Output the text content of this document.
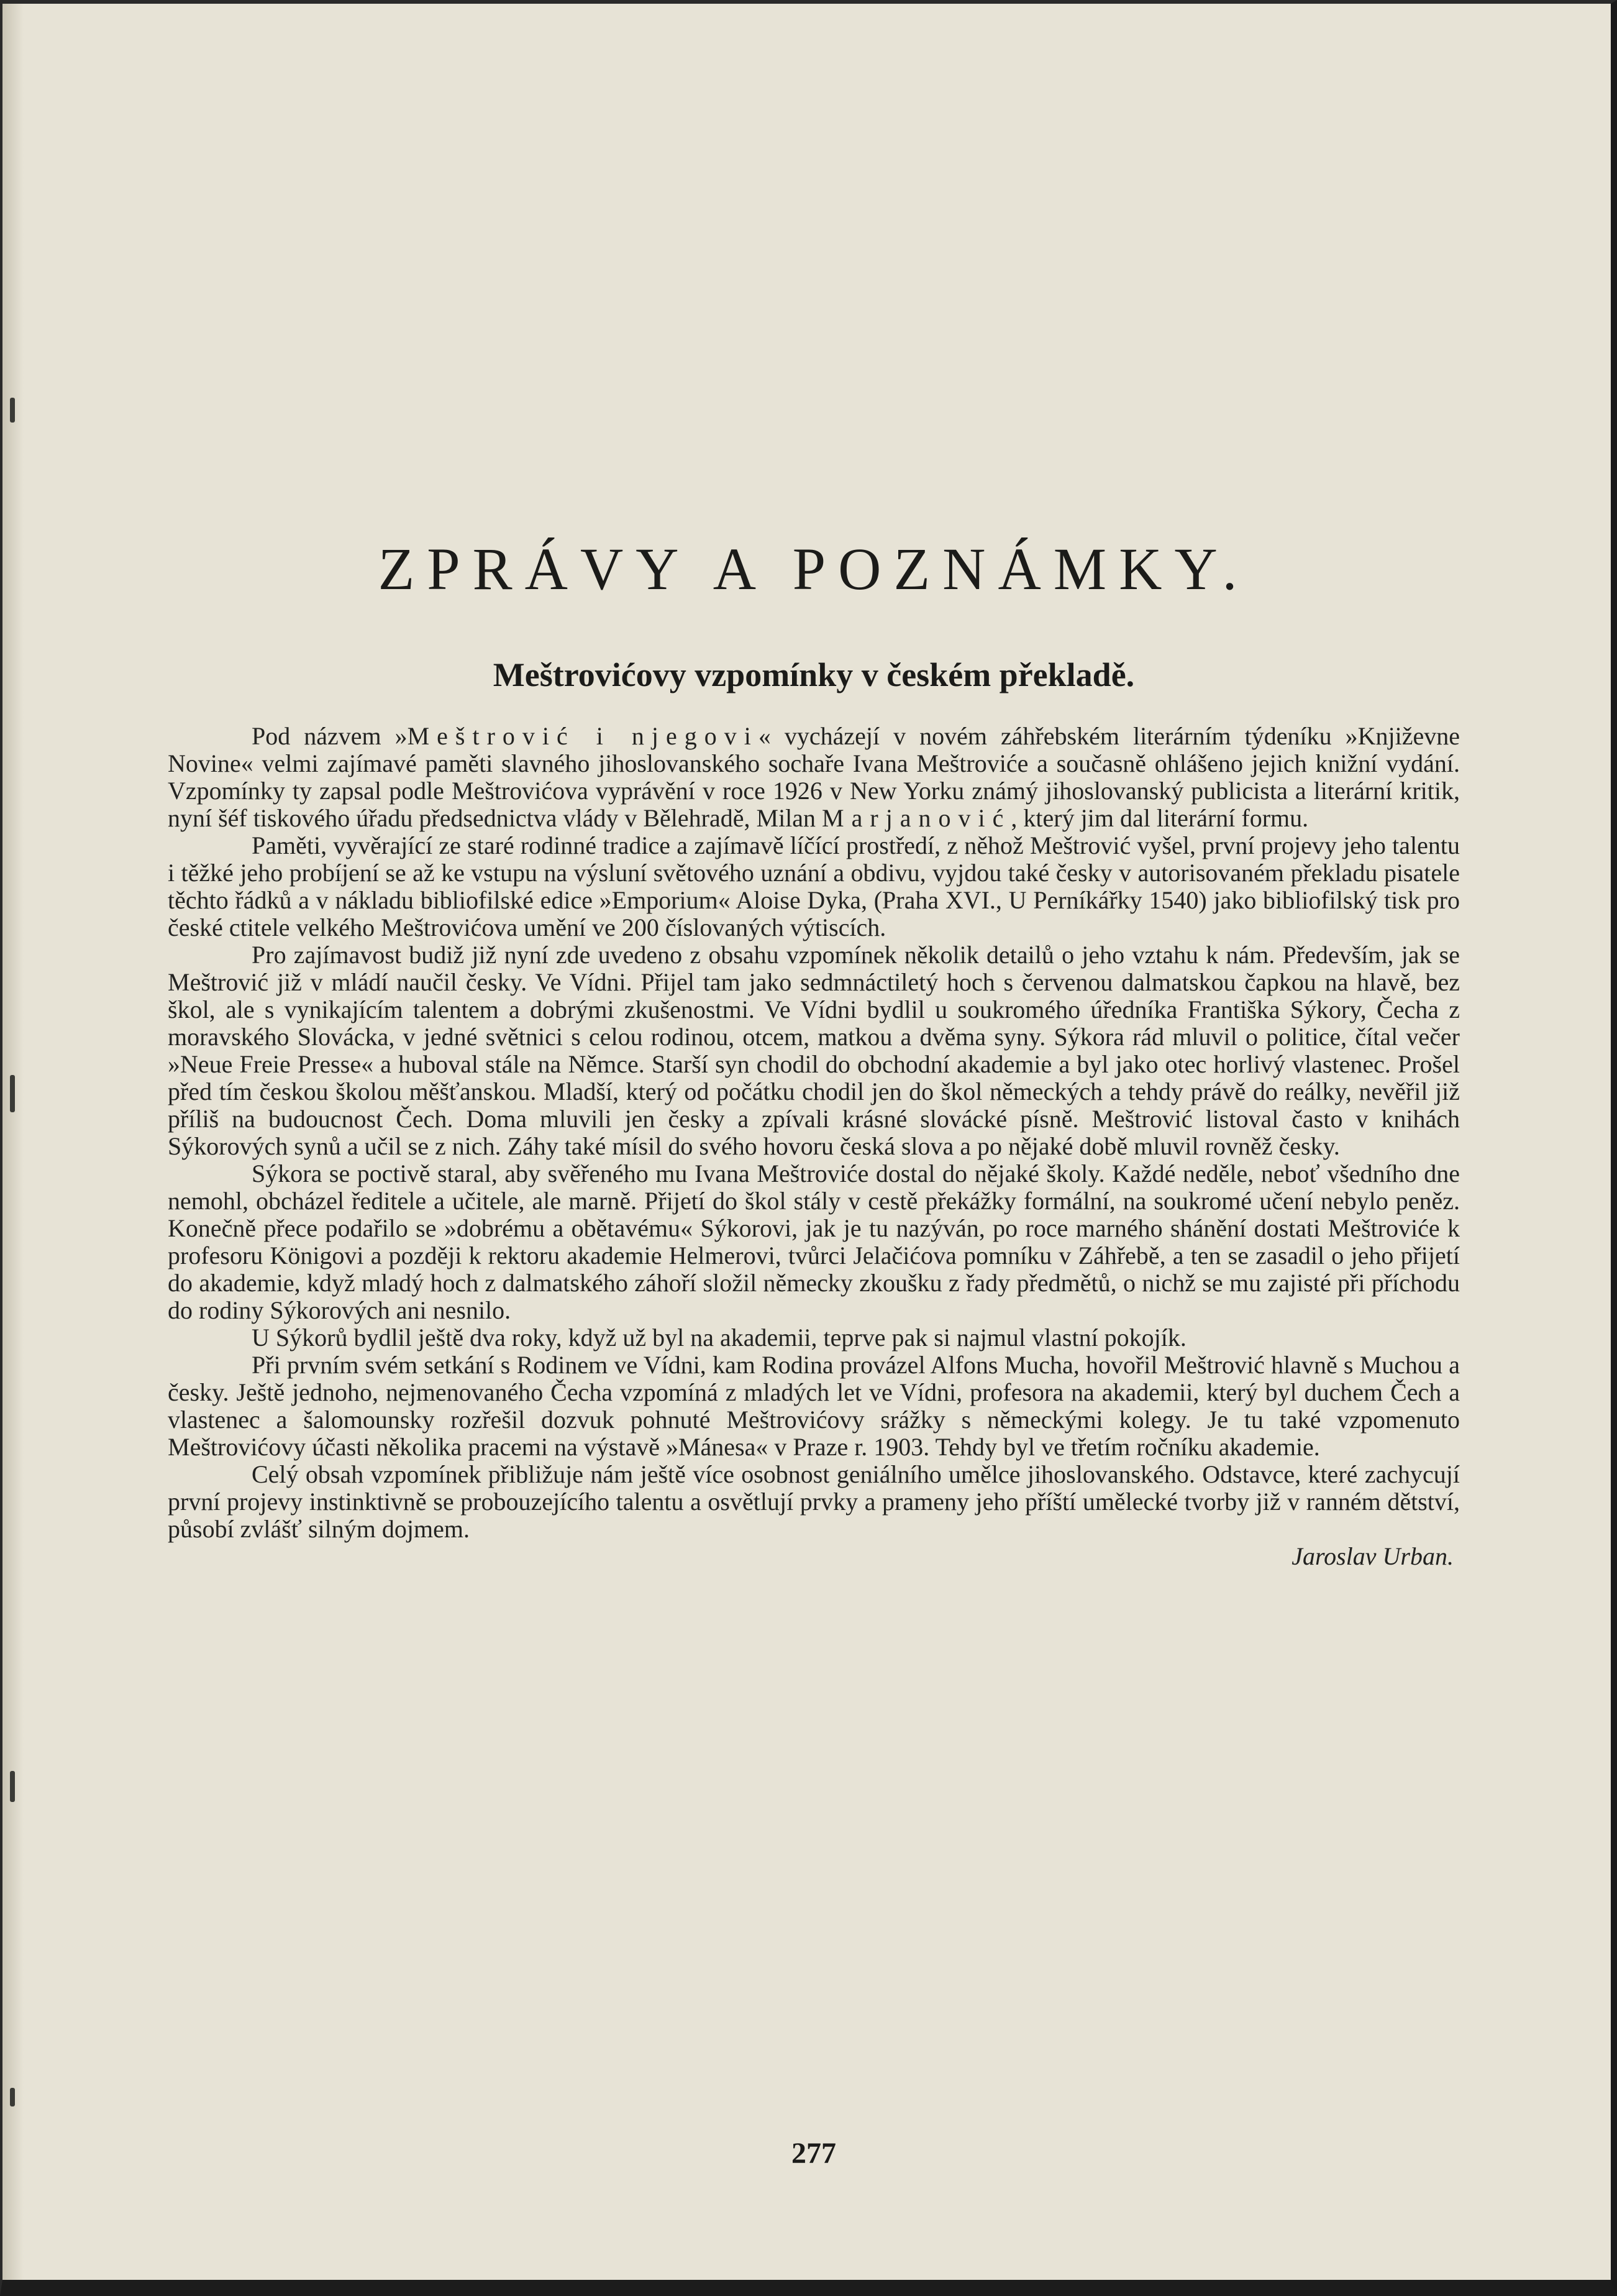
ZPRÁVY A POZNÁMKY.
Meštrovićovy vzpomínky v českém překladě.

Pod názvem »Meštrović i njegovi« vycházejí v novém záhřebském literárním týdeníku »Književne Novine« velmi zajímavé paměti slavného jihoslovanského sochaře Ivana Meštroviće a současně ohlášeno jejich knižní vydání. Vzpomínky ty zapsal podle Meštrovićova vyprávění v roce 1926 v New Yorku známý jihoslovanský publicista a literární kritik, nyní šéf tiskového úřadu předsednictva vlády v Bělehradě, Milan Marjanović, který jim dal literární formu.

Paměti, vyvěrající ze staré rodinné tradice a zajímavě líčící prostředí, z něhož Meštrović vyšel, první projevy jeho talentu i těžké jeho probíjení se až ke vstupu na výsluní světového uznání a obdivu, vyjdou také česky v autorisovaném překladu pisatele těchto řádků a v nákladu bibliofilské edice »Emporium« Aloise Dyka, (Praha XVI., U Perníkářky 1540) jako bibliofilský tisk pro české ctitele velkého Meštrovićova umění ve 200 číslovaných výtiscích.

Pro zajímavost budiž již nyní zde uvedeno z obsahu vzpomínek několik detailů o jeho vztahu k nám. Především, jak se Meštrović již v mládí naučil česky. Ve Vídni. Přijel tam jako sedmnáctiletý hoch s červenou dalmatskou čapkou na hlavě, bez škol, ale s vynikajícím talentem a dobrými zkušenostmi. Ve Vídni bydlil u soukromého úředníka Františka Sýkory, Čecha z moravského Slovácka, v jedné světnici s celou rodinou, otcem, matkou a dvěma syny. Sýkora rád mluvil o politice, čítal večer »Neue Freie Presse« a huboval stále na Němce. Starší syn chodil do obchodní akademie a byl jako otec horlivý vlastenec. Prošel před tím českou školou měšťanskou. Mladší, který od počátku chodil jen do škol německých a tehdy právě do reálky, nevěřil již příliš na budoucnost Čech. Doma mluvili jen česky a zpívali krásné slovácké písně. Meštrović listoval často v knihách Sýkorových synů a učil se z nich. Záhy také mísil do svého hovoru česká slova a po nějaké době mluvil rovněž česky.

Sýkora se poctivě staral, aby svěřeného mu Ivana Meštroviće dostal do nějaké školy. Každé neděle, neboť všedního dne nemohl, obcházel ředitele a učitele, ale marně. Přijetí do škol stály v cestě překážky formální, na soukromé učení nebylo peněz. Konečně přece podařilo se »dobrému a obětavému« Sýkorovi, jak je tu nazýván, po roce marného shánění dostati Meštroviće k profesoru Königovi a později k rektoru akademie Helmerovi, tvůrci Jelačićova pomníku v Záhřebě, a ten se zasadil o jeho přijetí do akademie, když mladý hoch z dalmatského záhoří složil německy zkoušku z řady předmětů, o nichž se mu zajisté při příchodu do rodiny Sýkorových ani nesnilo.

U Sýkorů bydlil ještě dva roky, když už byl na akademii, teprve pak si najmul vlastní pokojík.

Při prvním svém setkání s Rodinem ve Vídni, kam Rodina provázel Alfons Mucha, hovořil Meštrović hlavně s Muchou a česky. Ještě jednoho, nejmenovaného Čecha vzpomíná z mladých let ve Vídni, profesora na akademii, který byl duchem Čech a vlastenec a šalomounsky rozřešil dozvuk pohnuté Meštrovićovy srážky s německými kolegy. Je tu také vzpomenuto Meštrovićovy účasti několika pracemi na výstavě »Mánesa« v Praze r. 1903. Tehdy byl ve třetím ročníku akademie.

Celý obsah vzpomínek přibližuje nám ještě více osobnost geniálního umělce jihoslovanského. Odstavce, které zachycují první projevy instinktivně se probouzejícího talentu a osvětlují prvky a prameny jeho příští umělecké tvorby již v ranném dětství, působí zvlášť silným dojmem.

Jaroslav Urban.
277
